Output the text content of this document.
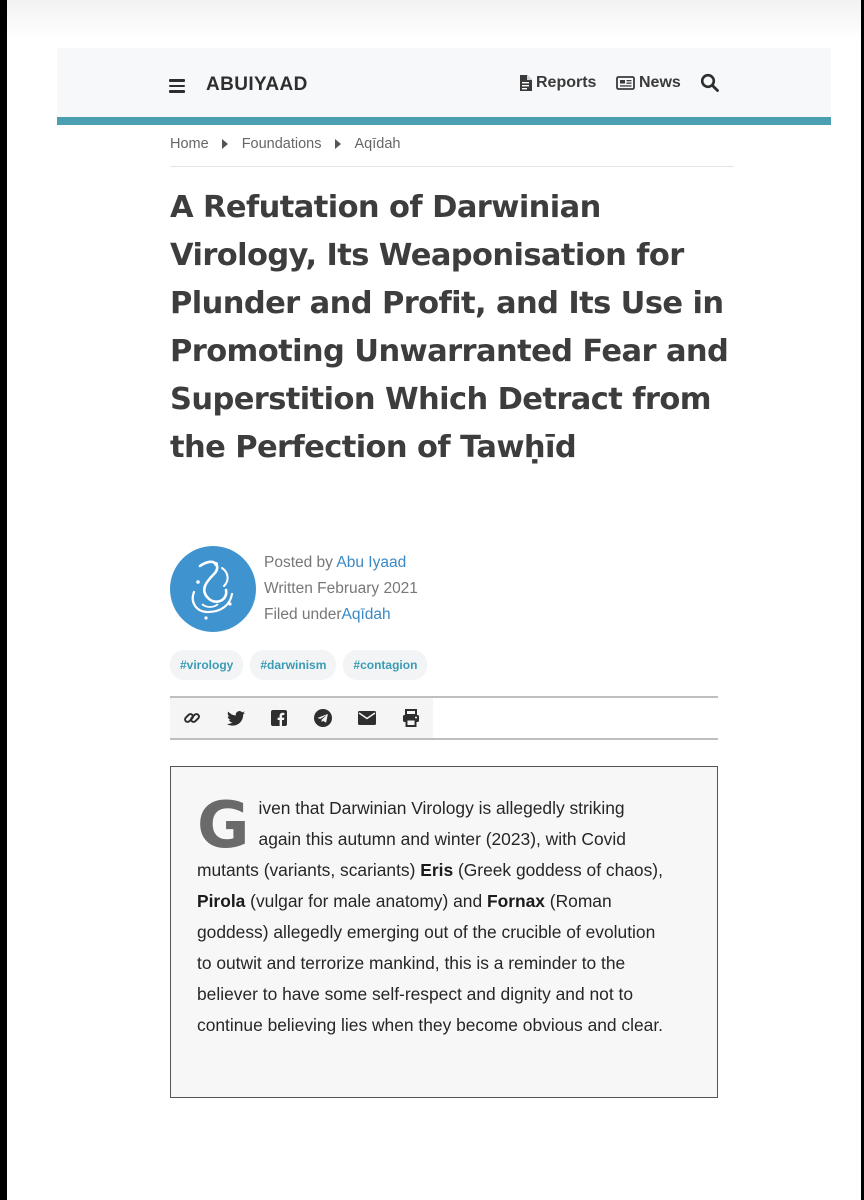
ABUIYAAD	Reports	News
Home Foundations Aqīdah
A Refutation of Darwinian Virology, Its Weaponisation for Plunder and Profit, and Its Use in Promoting Unwarranted Fear and Superstition Which Detract from the Perfection of Tawḥīd
Posted by Abu Iyaad
Written February 2021
Filed underAqīdah
#virology	#darwinism	#contagion

Given that Darwinian Virology is allegedly striking again this autumn and winter (2023), with Covid mutants (variants, scariants) Eris (Greek goddess of chaos), Pirola (vulgar for male anatomy) and Fornax (Roman goddess) allegedly emerging out of the crucible of evolution to outwit and terrorize mankind, this is a reminder to the believer to have some self-respect and dignity and not to continue believing lies when they become obvious and clear.
